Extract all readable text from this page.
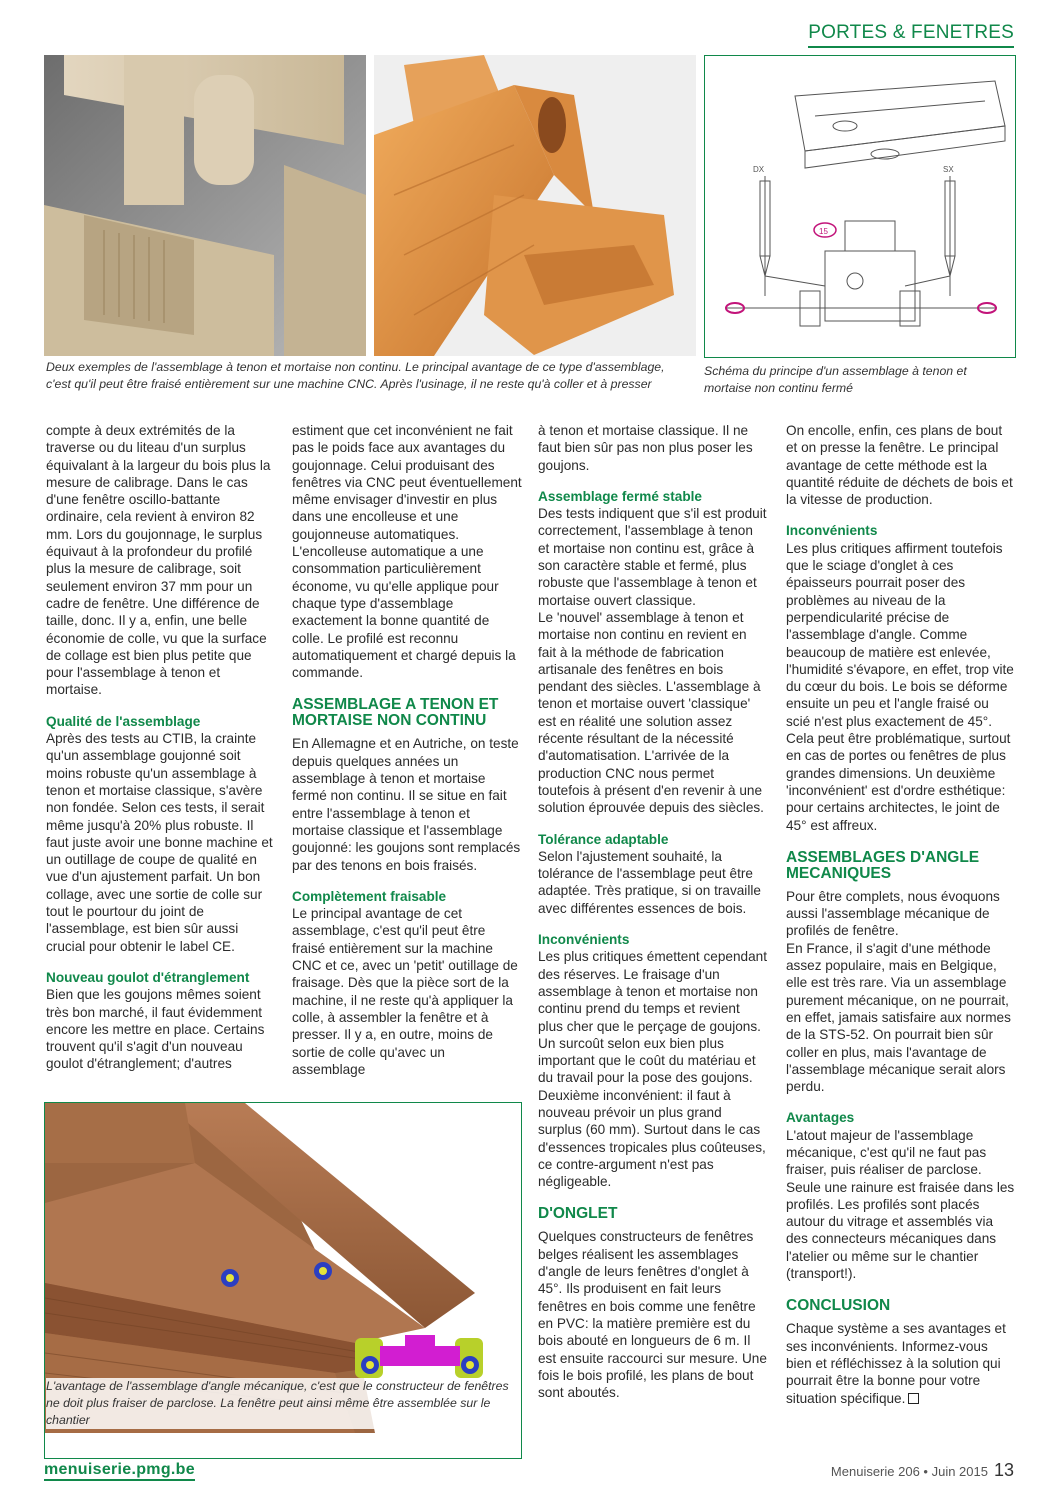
PORTES & FENETRES
15
DX	SX
Deux exemples de l'assemblage à tenon et mortaise non continu. Le principal avantage de ce type d'assemblage, c'est qu'il peut être fraisé entièrement sur une machine CNC. Après l'usinage, il ne reste qu'à coller et à presser
Schéma du principe d'un assemblage à tenon et mortaise non continu fermé

compte à deux extrémités de la traverse ou du liteau d'un surplus équivalant à la largeur du bois plus la mesure de calibrage. Dans le cas d'une fenêtre oscillo-battante ordinaire, cela revient à environ 82 mm. Lors du goujonnage, le surplus équivaut à la profondeur du profilé plus la mesure de calibrage, soit seulement environ 37 mm pour un cadre de fenêtre. Une différence de taille, donc. Il y a, enfin, une belle économie de colle, vu que la surface de collage est bien plus petite que pour l'assemblage à tenon et mortaise.

Qualité de l'assemblage

Après des tests au CTIB, la crainte qu'un assemblage goujonné soit moins robuste qu'un assemblage à tenon et mortaise classique, s'avère non fondée. Selon ces tests, il serait même jusqu'à 20% plus robuste. Il faut juste avoir une bonne machine et un outillage de coupe de qualité en vue d'un ajustement parfait. Un bon collage, avec une sortie de colle sur tout le pourtour du joint de l'assemblage, est bien sûr aussi crucial pour obtenir le label CE.

Nouveau goulot d'étranglement

Bien que les goujons mêmes soient très bon marché, il faut évidemment encore les mettre en place. Certains trouvent qu'il s'agit d'un nouveau goulot d'étranglement; d'autres

estiment que cet inconvénient ne fait pas le poids face aux avantages du goujonnage. Celui produisant des fenêtres via CNC peut éventuellement même envisager d'investir en plus dans une encolleuse et une goujonneuse automatiques. L'encolleuse automatique a une consommation particulièrement économe, vu qu'elle applique pour chaque type d'assemblage exactement la bonne quantité de colle. Le profilé est reconnu automatiquement et chargé depuis la commande.

ASSEMBLAGE A TENON ET MORTAISE NON CONTINU

En Allemagne et en Autriche, on teste depuis quelques années un assemblage à tenon et mortaise fermé non continu. Il se situe en fait entre l'assemblage à tenon et mortaise classique et l'assemblage goujonné: les goujons sont remplacés par des tenons en bois fraisés.

Complètement fraisable

Le principal avantage de cet assemblage, c'est qu'il peut être fraisé entièrement sur la machine CNC et ce, avec un 'petit' outillage de fraisage. Dès que la pièce sort de la machine, il ne reste qu'à appliquer la colle, à assembler la fenêtre et à presser. Il y a, en outre, moins de sortie de colle qu'avec un assemblage

à tenon et mortaise classique. Il ne faut bien sûr pas non plus poser les goujons.

Assemblage fermé stable

Des tests indiquent que s'il est produit correctement, l'assemblage à tenon et mortaise non continu est, grâce à son caractère stable et fermé, plus robuste que l'assemblage à tenon et mortaise ouvert classique.

Le 'nouvel' assemblage à tenon et mortaise non continu en revient en fait à la méthode de fabrication artisanale des fenêtres en bois pendant des siècles. L'assemblage à tenon et mortaise ouvert 'classique' est en réalité une solution assez récente résultant de la nécessité d'automatisation. L'arrivée de la production CNC nous permet toutefois à présent d'en revenir à une solution éprouvée depuis des siècles.

Tolérance adaptable

Selon l'ajustement souhaité, la tolérance de l'assemblage peut être adaptée. Très pratique, si on travaille avec différentes essences de bois.

Inconvénients

Les plus critiques émettent cependant des réserves. Le fraisage d'un assemblage à tenon et mortaise non continu prend du temps et revient plus cher que le perçage de goujons. Un surcoût selon eux bien plus important que le coût du matériau et du travail pour la pose des goujons.

Deuxième inconvénient: il faut à nouveau prévoir un plus grand surplus (60 mm). Surtout dans le cas d'essences tropicales plus coûteuses, ce contre-argument n'est pas négligeable.

D'ONGLET

Quelques constructeurs de fenêtres belges réalisent les assemblages d'angle de leurs fenêtres d'onglet à 45°. Ils produisent en fait leurs fenêtres en bois comme une fenêtre en PVC: la matière première est du bois abouté en longueurs de 6 m. Il est ensuite raccourci sur mesure. Une fois le bois profilé, les plans de bout sont aboutés.

On encolle, enfin, ces plans de bout et on presse la fenêtre. Le principal avantage de cette méthode est la quantité réduite de déchets de bois et la vitesse de production.

Inconvénients

Les plus critiques affirment toutefois que le sciage d'onglet à ces épaisseurs pourrait poser des problèmes au niveau de la perpendicularité précise de l'assemblage d'angle. Comme beaucoup de matière est enlevée, l'humidité s'évapore, en effet, trop vite du cœur du bois. Le bois se déforme ensuite un peu et l'angle fraisé ou scié n'est plus exactement de 45°. Cela peut être problématique, surtout en cas de portes ou fenêtres de plus grandes dimensions. Un deuxième 'inconvénient' est d'ordre esthétique: pour certains architectes, le joint de 45° est affreux.

ASSEMBLAGES D'ANGLE MECANIQUES

Pour être complets, nous évoquons aussi l'assemblage mécanique de profilés de fenêtre.

En France, il s'agit d'une méthode assez populaire, mais en Belgique, elle est très rare. Via un assemblage purement mécanique, on ne pourrait, en effet, jamais satisfaire aux normes de la STS-52. On pourrait bien sûr coller en plus, mais l'avantage de l'assemblage mécanique serait alors perdu.

Avantages

L'atout majeur de l'assemblage mécanique, c'est qu'il ne faut pas fraiser, puis réaliser de parclose. Seule une rainure est fraisée dans les profilés. Les profilés sont placés autour du vitrage et assemblés via des connecteurs mécaniques dans l'atelier ou même sur le chantier (transport!).

CONCLUSION

Chaque système a ses avantages et ses inconvénients. Informez-vous bien et réfléchissez à la solution qui pourrait être la bonne pour votre situation spécifique.

L'avantage de l'assemblage d'angle mécanique, c'est que le constructeur de fenêtres ne doit plus fraiser de parclose. La fenêtre peut ainsi même être assemblée sur le chantier
menuiserie.pmg.be	Menuiserie 206 • Juin 2015 13
